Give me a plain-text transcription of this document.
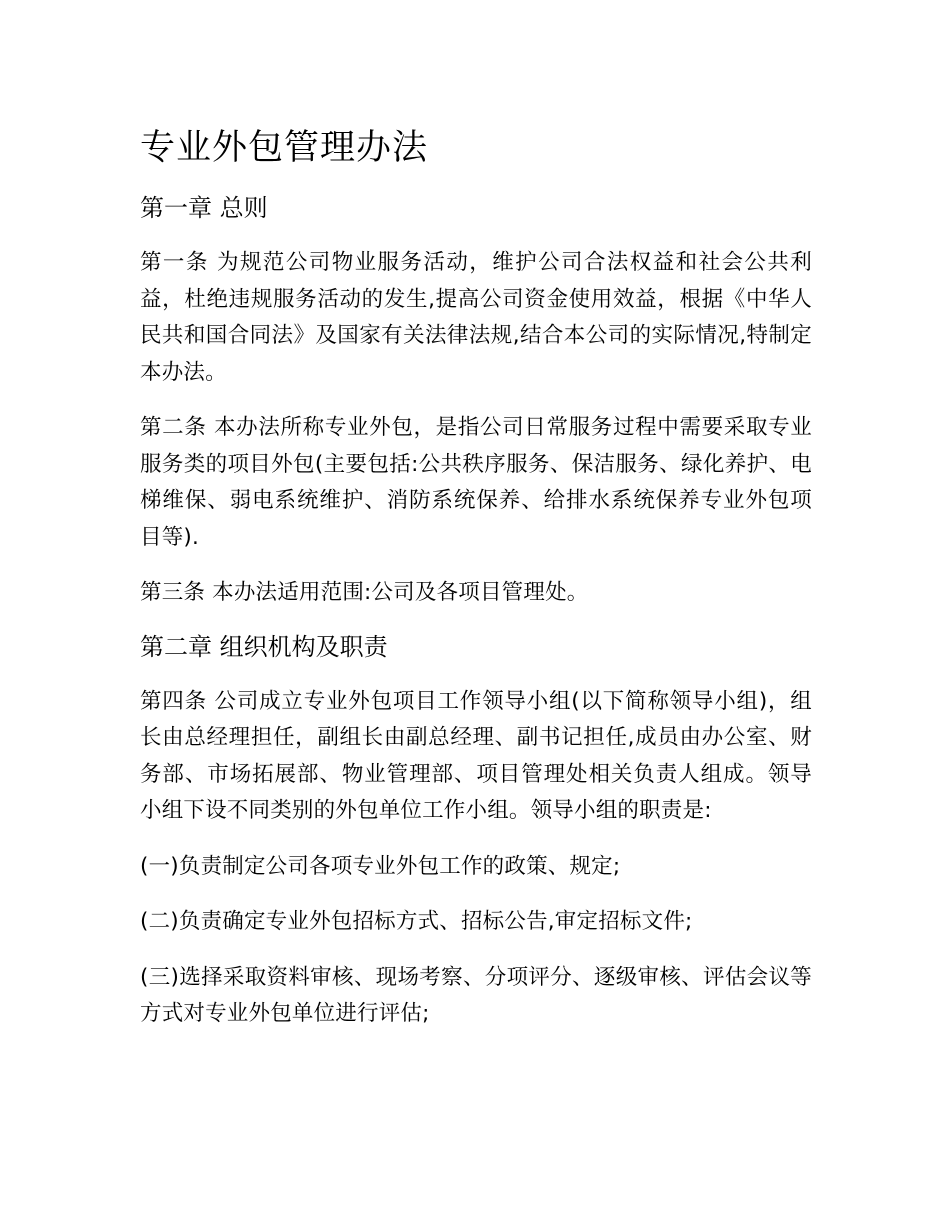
专业外包管理办法
第一章 总则

第一条 为规范公司物业服务活动，维护公司合法权益和社会公共利益，杜绝违规服务活动的发生,提高公司资金使用效益，根据《中华人民共和国合同法》及国家有关法律法规,结合本公司的实际情况,特制定本办法。

第二条 本办法所称专业外包，是指公司日常服务过程中需要采取专业服务类的项目外包(主要包括:公共秩序服务、保洁服务、绿化养护、电梯维保、弱电系统维护、消防系统保养、给排水系统保养专业外包项目等).

第三条 本办法适用范围:公司及各项目管理处。

第二章 组织机构及职责

第四条 公司成立专业外包项目工作领导小组(以下简称领导小组)，组长由总经理担任，副组长由副总经理、副书记担任,成员由办公室、财务部、市场拓展部、物业管理部、项目管理处相关负责人组成。领导小组下设不同类别的外包单位工作小组。领导小组的职责是:

(一)负责制定公司各项专业外包工作的政策、规定;

(二)负责确定专业外包招标方式、招标公告,审定招标文件;

(三)选择采取资料审核、现场考察、分项评分、逐级审核、评估会议等方式对专业外包单位进行评估;
